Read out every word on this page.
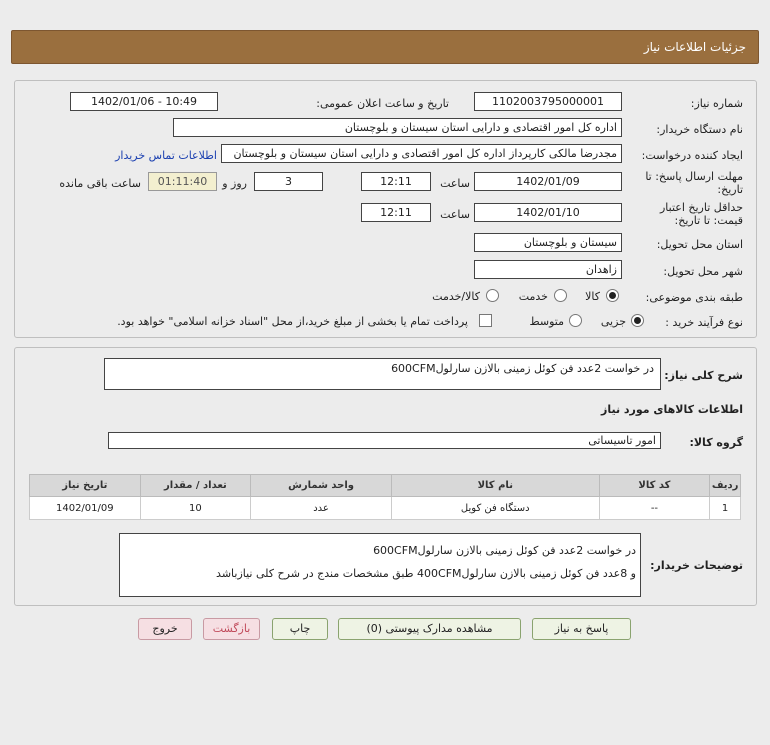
جزئیات اطلاعات نیاز
شماره نیاز:
1102003795000001
تاریخ و ساعت اعلان عمومی:
1402/01/06 - 10:49
نام دستگاه خریدار:
اداره کل امور اقتصادی و دارایی استان سیستان و بلوچستان
ایجاد کننده درخواست:
مجدرضا مالکی کارپرداز اداره کل امور اقتصادی و دارایی استان سیستان و بلوچستان
اطلاعات تماس خریدار
مهلت ارسال پاسخ: تا
تاریخ:
1402/01/09
ساعت
12:11
3
روز و
01:11:40
ساعت باقی مانده
حداقل تاریخ اعتبار
قیمت: تا تاریخ:
1402/01/10
ساعت
12:11
استان محل تحویل:
سیستان و بلوچستان
شهر محل تحویل:
زاهدان
طبقه بندی موضوعی:
کالا
خدمت
کالا/خدمت
نوع فرآیند خرید :
جزیی
متوسط
پرداخت تمام یا بخشی از مبلغ خرید،از محل "اسناد خزانه اسلامی" خواهد بود.
شرح کلی نیاز:
در خواست 2عدد فن کوئل زمینی بالازن سارلول600CFM
اطلاعات کالاهای مورد نیاز
گروه کالا:
امور تاسیساتی
ردیف	کد کالا	نام کالا	واحد شمارش	تعداد / مقدار	تاریخ نیاز
1	--	دستگاه فن کویل	عدد	10	1402/01/09
توضیحات خریدار:
در خواست 2عدد فن کوئل زمینی بالازن سارلول600CFM
و 8عدد فن کوئل زمینی بالازن سارلول400CFM طبق مشخصات مندج در شرح کلی نیازباشد
پاسخ به نیاز
مشاهده مدارک پیوستی (0)
چاپ
بازگشت
خروج
